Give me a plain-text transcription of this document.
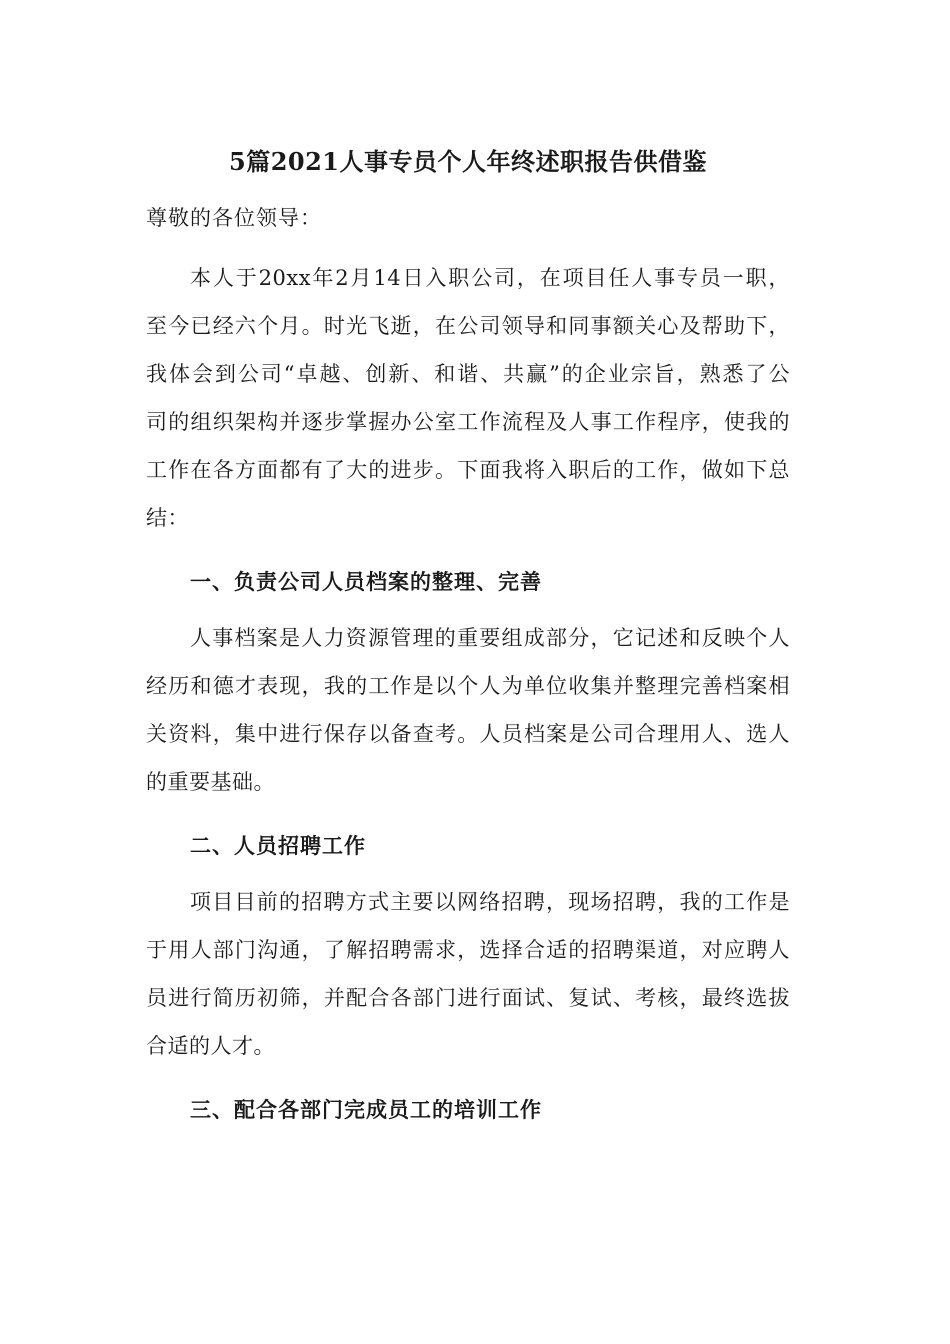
5篇2021人事专员个人年终述职报告供借鉴
尊敬的各位领导：
本人于20xx年2月14日入职公司，在项目任人事专员一职，
至今已经六个月。时光飞逝，在公司领导和同事额关心及帮助下，
我体会到公司“卓越、创新、和谐、共赢”的企业宗旨，熟悉了公
司的组织架构并逐步掌握办公室工作流程及人事工作程序，使我的
工作在各方面都有了大的进步。下面我将入职后的工作，做如下总
结：
一、负责公司人员档案的整理、完善
人事档案是人力资源管理的重要组成部分，它记述和反映个人
经历和德才表现，我的工作是以个人为单位收集并整理完善档案相
关资料，集中进行保存以备查考。人员档案是公司合理用人、选人
的重要基础。
二、人员招聘工作
项目目前的招聘方式主要以网络招聘，现场招聘，我的工作是
于用人部门沟通，了解招聘需求，选择合适的招聘渠道，对应聘人
员进行简历初筛，并配合各部门进行面试、复试、考核，最终选拔
合适的人才。
三、配合各部门完成员工的培训工作
